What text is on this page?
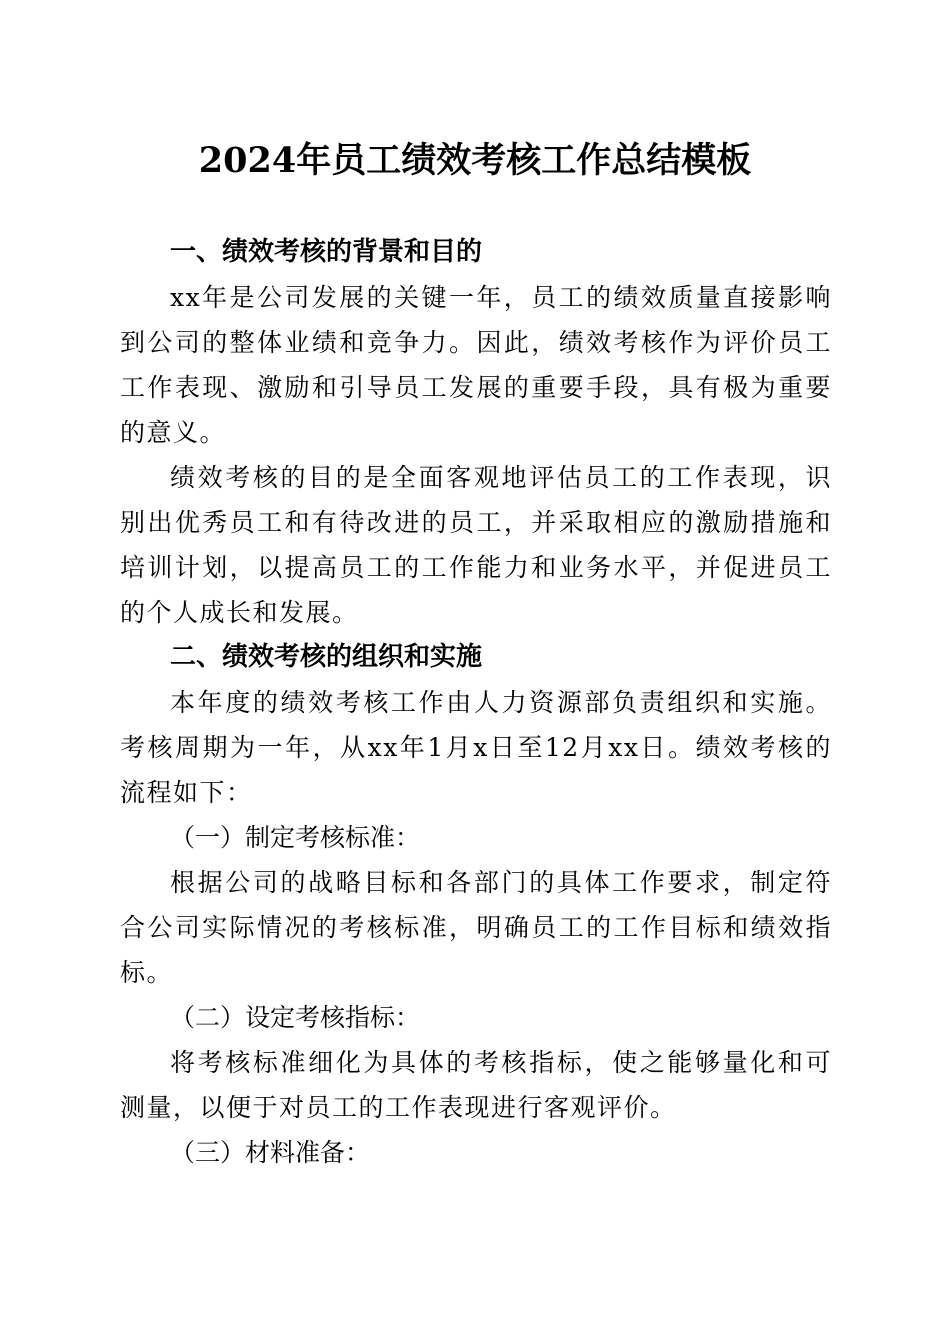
2024年员工绩效考核工作总结模板
一、绩效考核的背景和目的

xx年是公司发展的关键一年，员工的绩效质量直接影响到公司的整体业绩和竞争力。因此，绩效考核作为评价员工工作表现、激励和引导员工发展的重要手段，具有极为重要的意义。

绩效考核的目的是全面客观地评估员工的工作表现，识别出优秀员工和有待改进的员工，并采取相应的激励措施和培训计划，以提高员工的工作能力和业务水平，并促进员工的个人成长和发展。

二、绩效考核的组织和实施

本年度的绩效考核工作由人力资源部负责组织和实施。考核周期为一年，从xx年1月x日至12月xx日。绩效考核的流程如下：

（一）制定考核标准：

根据公司的战略目标和各部门的具体工作要求，制定符合公司实际情况的考核标准，明确员工的工作目标和绩效指标。

（二）设定考核指标：

将考核标准细化为具体的考核指标，使之能够量化和可测量，以便于对员工的工作表现进行客观评价。

（三）材料准备：
